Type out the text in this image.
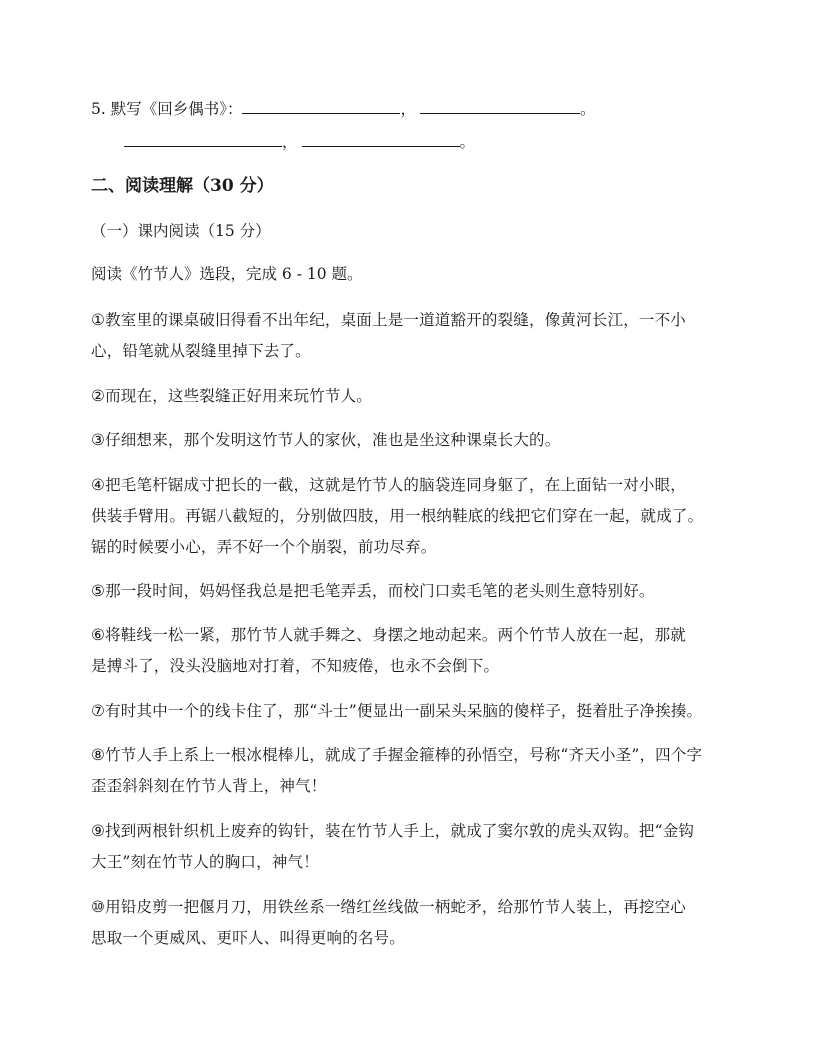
5. 默写《回乡偶书》：	，	。
，	。
二、阅读理解（30 分）
（一）课内阅读（15 分）
阅读《竹节人》选段，完成 6 - 10 题。
①教室里的课桌破旧得看不出年纪，桌面上是一道道豁开的裂缝，像黄河长江，一不小
心，铅笔就从裂缝里掉下去了。
②而现在，这些裂缝正好用来玩竹节人。
③仔细想来，那个发明这竹节人的家伙，准也是坐这种课桌长大的。
④把毛笔杆锯成寸把长的一截，这就是竹节人的脑袋连同身躯了，在上面钻一对小眼，
供装手臂用。再锯八截短的，分别做四肢，用一根纳鞋底的线把它们穿在一起，就成了。
锯的时候要小心，弄不好一个个崩裂，前功尽弃。
⑤那一段时间，妈妈怪我总是把毛笔弄丢，而校门口卖毛笔的老头则生意特别好。
⑥将鞋线一松一紧，那竹节人就手舞之、身摆之地动起来。两个竹节人放在一起，那就
是搏斗了，没头没脑地对打着，不知疲倦，也永不会倒下。
⑦有时其中一个的线卡住了，那“斗士”便显出一副呆头呆脑的傻样子，挺着肚子净挨揍。
⑧竹节人手上系上一根冰棍棒儿，就成了手握金箍棒的孙悟空，号称“齐天小圣”，四个字
歪歪斜斜刻在竹节人背上，神气！
⑨找到两根针织机上废弃的钩针，装在竹节人手上，就成了窦尔敦的虎头双钩。把“金钩
大王”刻在竹节人的胸口，神气！
⑩用铅皮剪一把偃月刀，用铁丝系一绺红丝线做一柄蛇矛，给那竹节人装上，再挖空心
思取一个更威风、更吓人、叫得更响的名号。
